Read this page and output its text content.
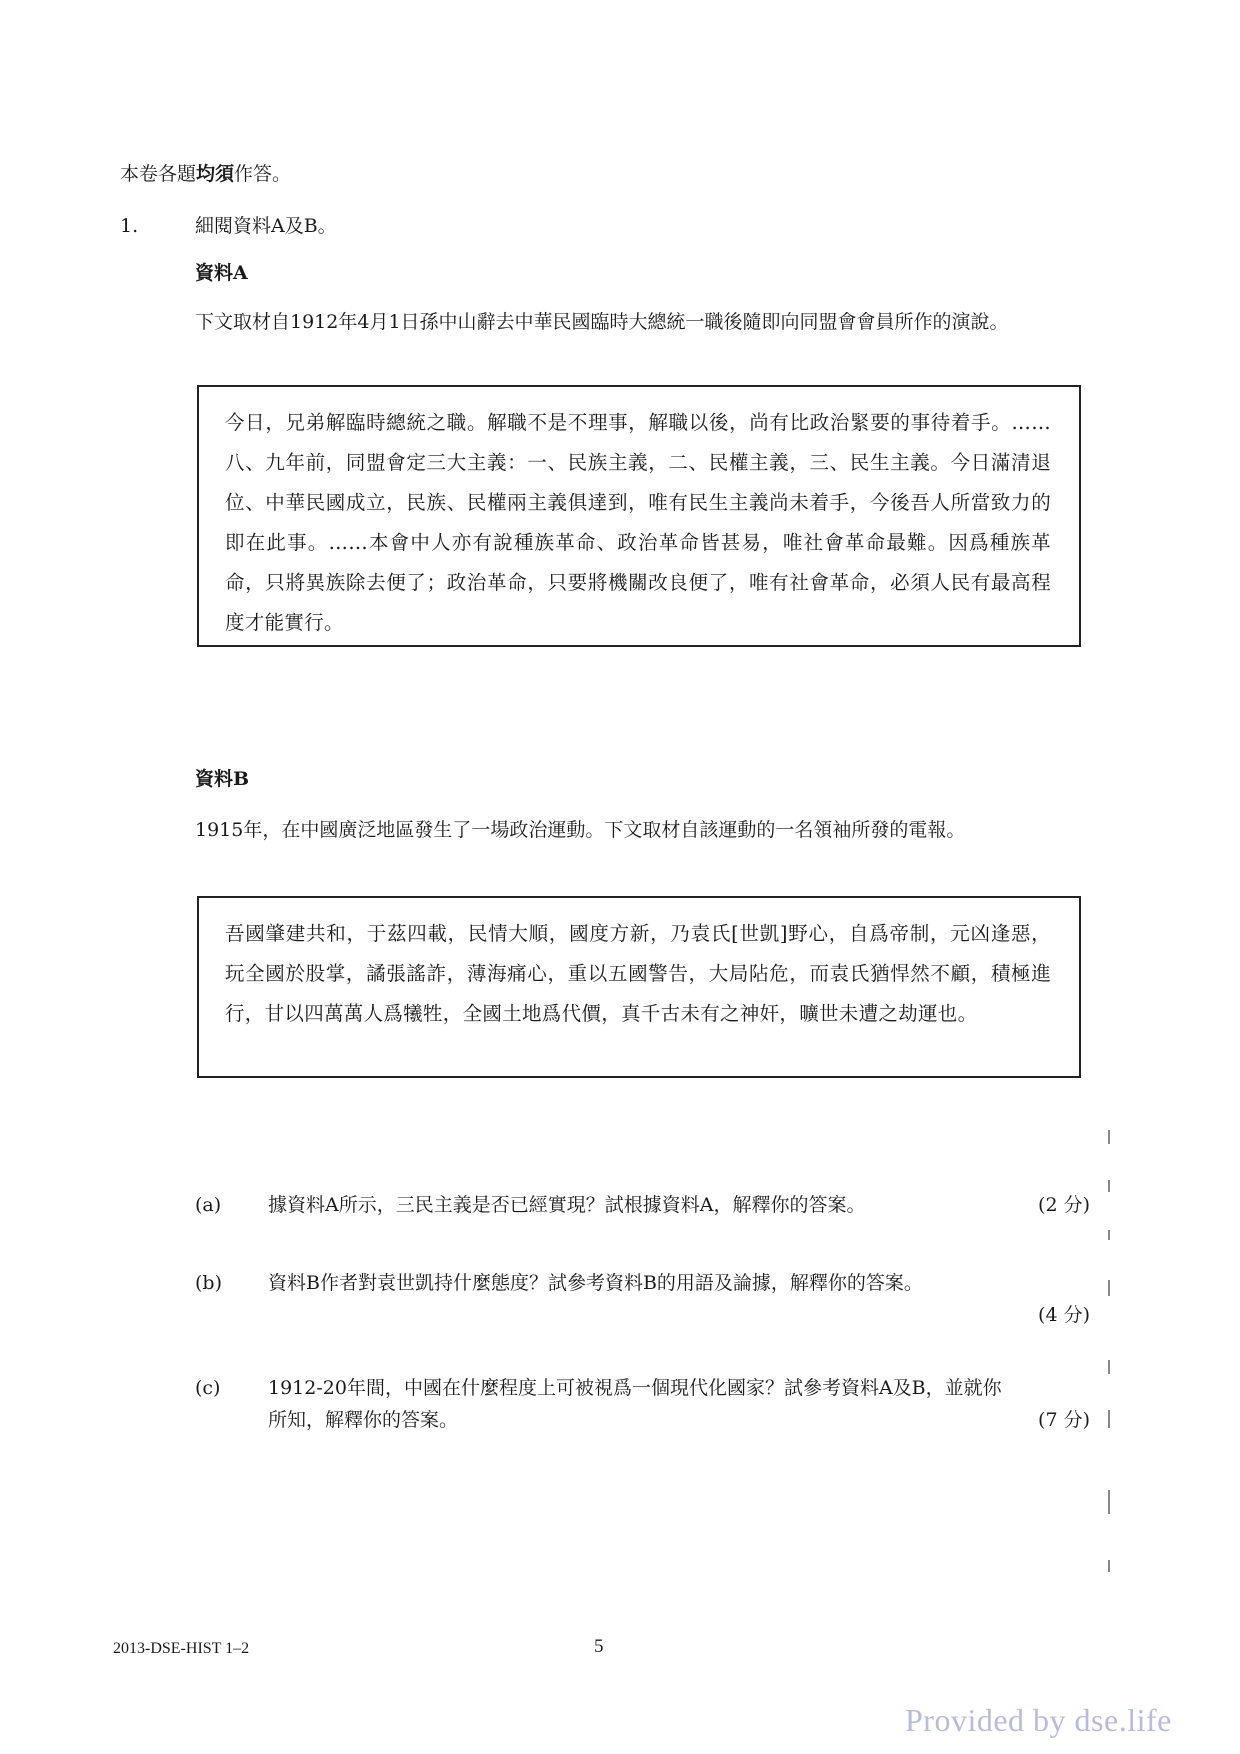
本卷各題均須作答。
1.	細閱資料A及B。
資料A
下文取材自1912年4月1日孫中山辭去中華民國臨時大總統一職後隨即向同盟會會員所作的演說。

今日，兄弟解臨時總統之職。解職不是不理事，解職以後，尚有比政治緊要的事待着手。……八、九年前，同盟會定三大主義：一、民族主義，二、民權主義，三、民生主義。今日滿清退位、中華民國成立，民族、民權兩主義俱達到，唯有民生主義尚未着手，今後吾人所當致力的即在此事。……本會中人亦有說種族革命、政治革命皆甚易，唯社會革命最難。因爲種族革命，只將異族除去便了；政治革命，只要將機關改良便了，唯有社會革命，必須人民有最高程度才能實行。

資料B
1915年，在中國廣泛地區發生了一場政治運動。下文取材自該運動的一名領袖所發的電報。

吾國肇建共和，于茲四載，民情大順，國度方新，乃袁氏[世凱]野心，自爲帝制，元凶逢惡，玩全國於股掌，譎張謠詐，薄海痛心，重以五國警告，大局阽危，而袁氏猶悍然不顧，積極進行，甘以四萬萬人爲犧牲，全國土地爲代價，真千古未有之神奸，曠世未遭之劫運也。

(a) 據資料A所示，三民主義是否已經實現？試根據資料A，解釋你的答案。	(2 分)
(b) 資料B作者對袁世凱持什麼態度？試參考資料B的用語及論據，解釋你的答案。
(4 分)
(c)	1912-20年間，中國在什麼程度上可被視爲一個現代化國家？試參考資料A及B，並就你所知，解釋你的答案。	(7 分)
2013-DSE-HIST 1–2	5
Provided by dse.life
